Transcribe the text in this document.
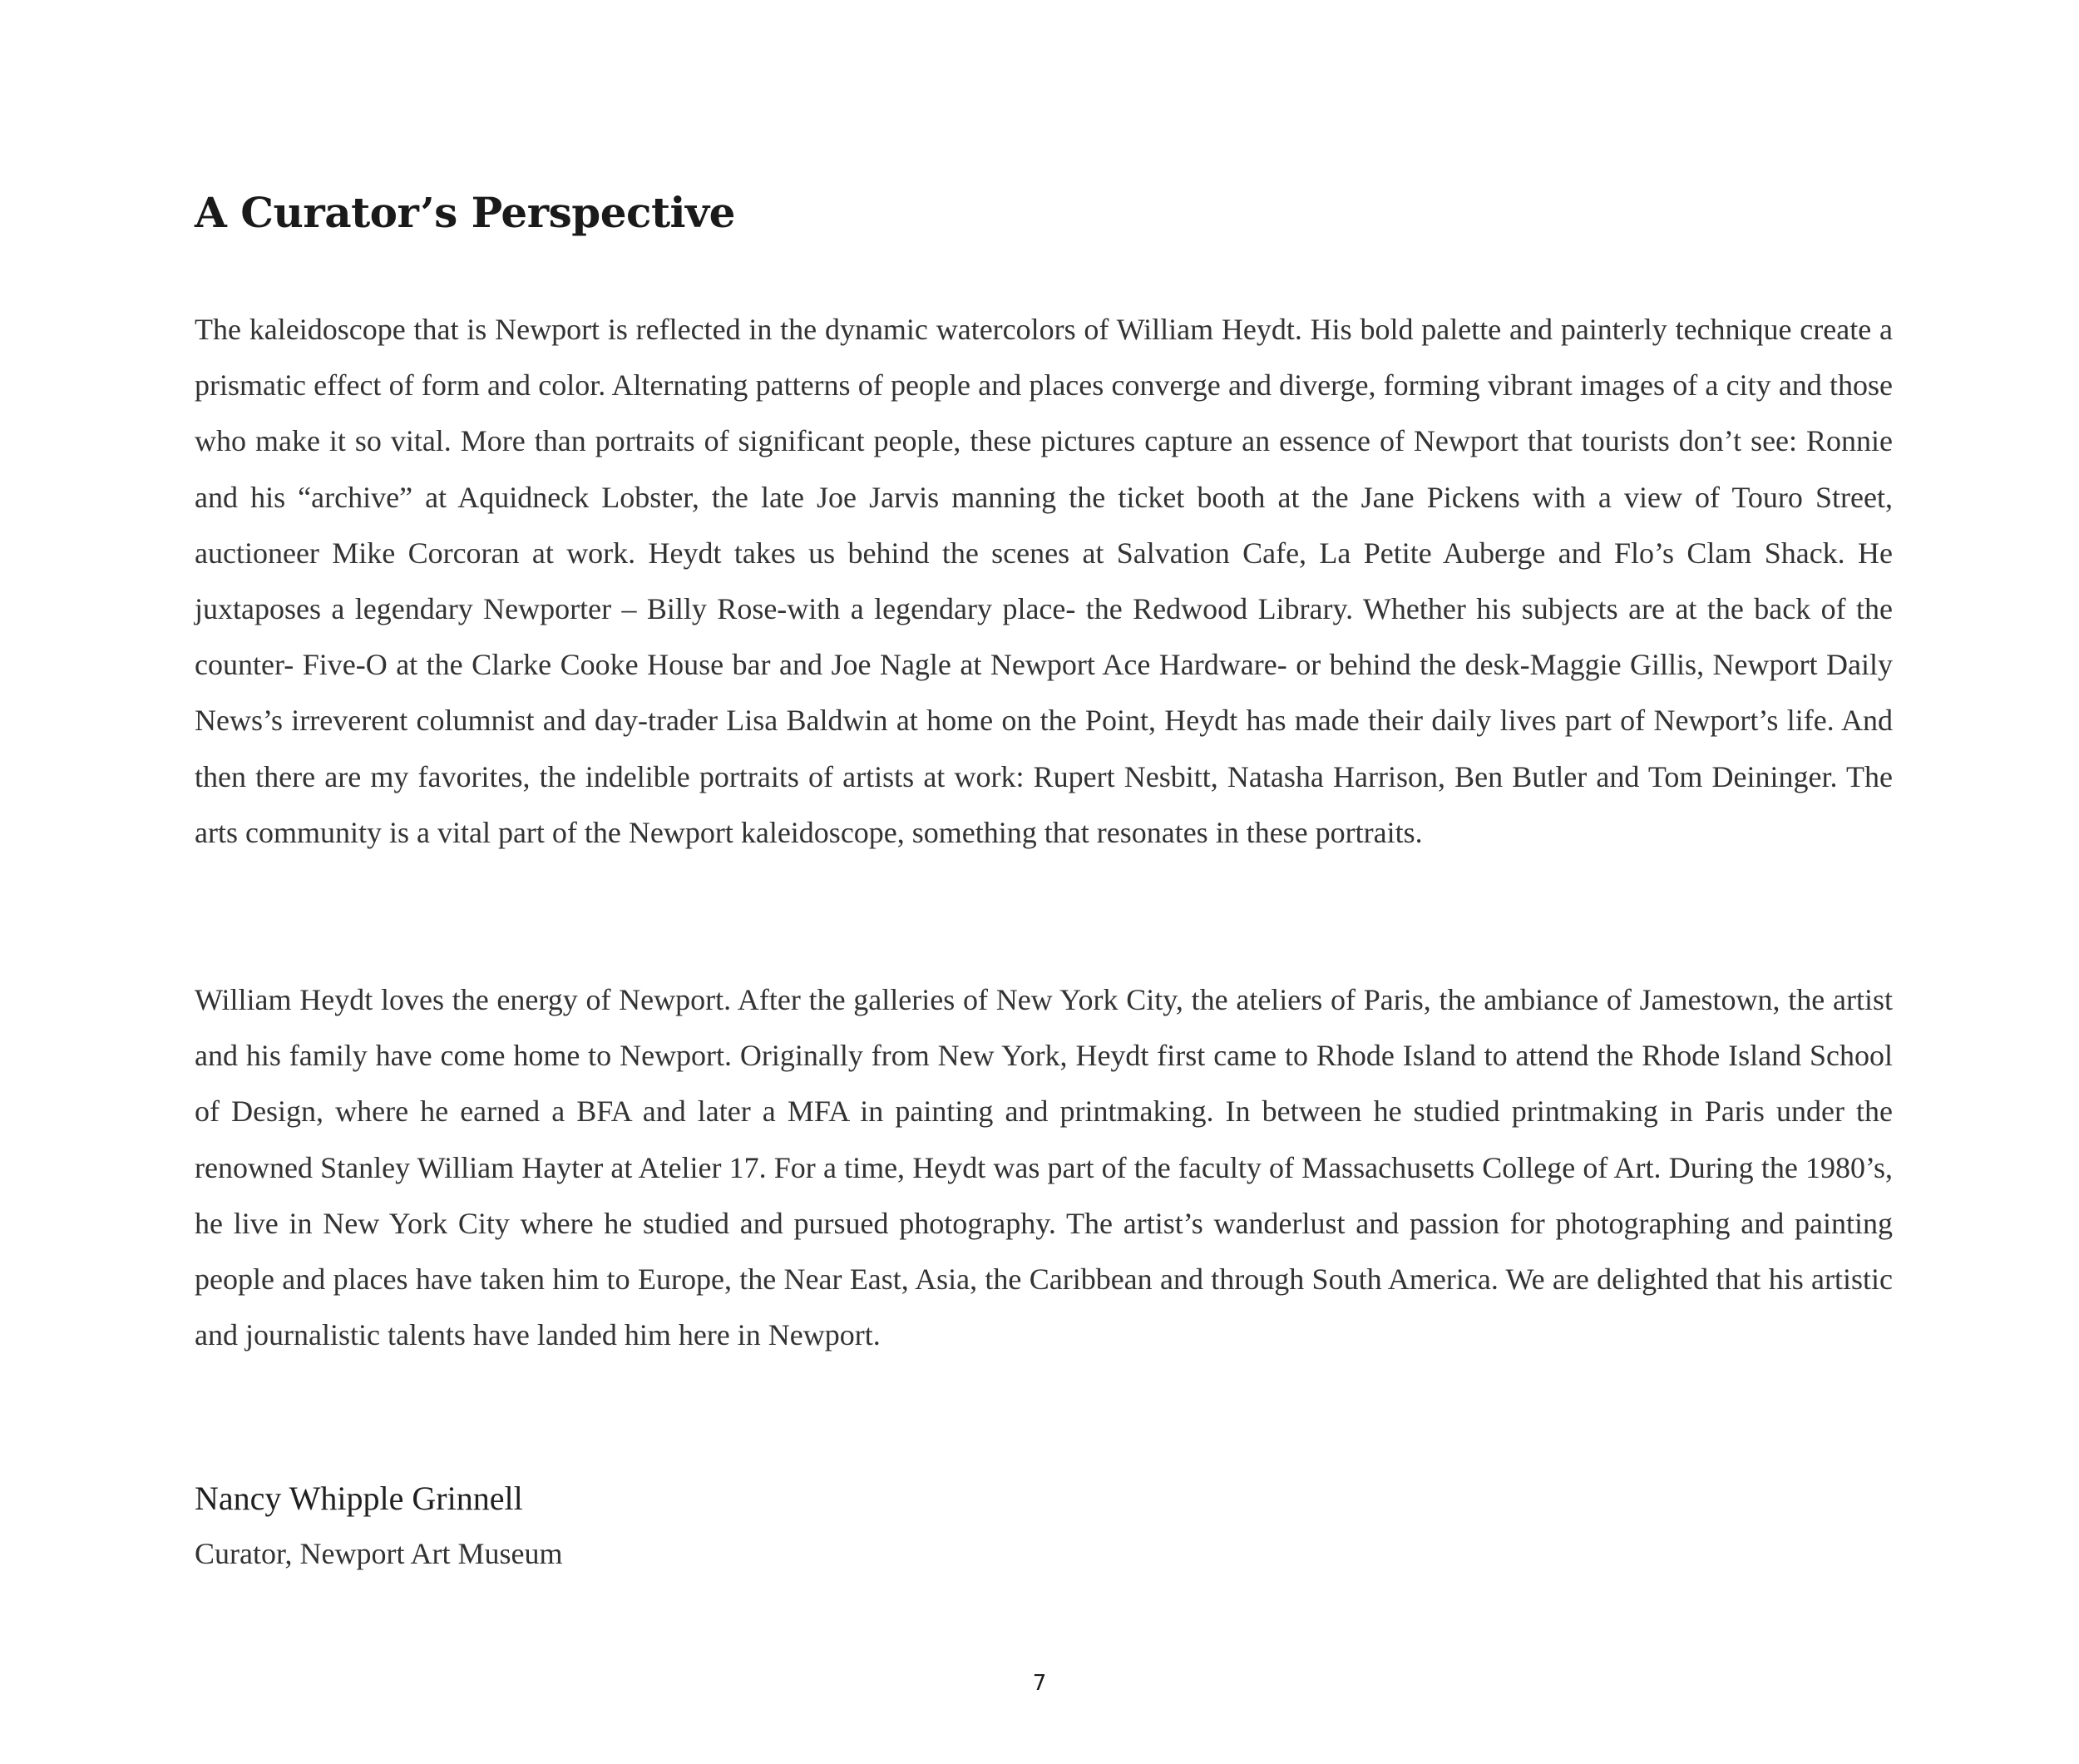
A Curator’s Perspective

The kaleidoscope that is Newport is reflected in the dynamic watercolors of William Heydt. His bold palette and painterly technique create a prismatic effect of form and color. Alternating patterns of people and places converge and diverge, forming vibrant images of a city and those who make it so vital. More than portraits of significant people, these pictures capture an essence of Newport that tourists don’t see: Ronnie and his “archive” at Aquidneck Lobster, the late Joe Jarvis manning the ticket booth at the Jane Pickens with a view of Touro Street, auctioneer Mike Corcoran at work. Heydt takes us behind the scenes at Salvation Cafe, La Petite Auberge and Flo’s Clam Shack. He juxtaposes a legendary Newporter – Billy Rose-with a legendary place- the Redwood Library. Whether his subjects are at the back of the counter- Five-O at the Clarke Cooke House bar and Joe Nagle at Newport Ace Hardware- or behind the desk-Maggie Gillis, Newport Daily News’s irreverent columnist and day-trader Lisa Baldwin at home on the Point, Heydt has made their daily lives part of Newport’s life. And then there are my favorites, the indelible portraits of artists at work: Rupert Nesbitt, Natasha Harrison, Ben Butler and Tom Deininger. The arts community is a vital part of the Newport kaleidoscope, something that resonates in these portraits.

William Heydt loves the energy of Newport. After the galleries of New York City, the ateliers of Paris, the ambiance of Jamestown, the artist and his family have come home to Newport. Originally from New York, Heydt first came to Rhode Island to attend the Rhode Island School of Design, where he earned a BFA and later a MFA in painting and printmaking. In between he studied printmaking in Paris under the renowned Stanley William Hayter at Atelier 17. For a time, Heydt was part of the faculty of Massachusetts College of Art. During the 1980’s, he live in New York City where he studied and pursued photography. The artist’s wanderlust and passion for photographing and painting people and places have taken him to Europe, the Near East, Asia, the Caribbean and through South America. We are delighted that his artistic and journalistic talents have landed him here in Newport.

Nancy Whipple Grinnell

Curator, Newport Art Museum

7
